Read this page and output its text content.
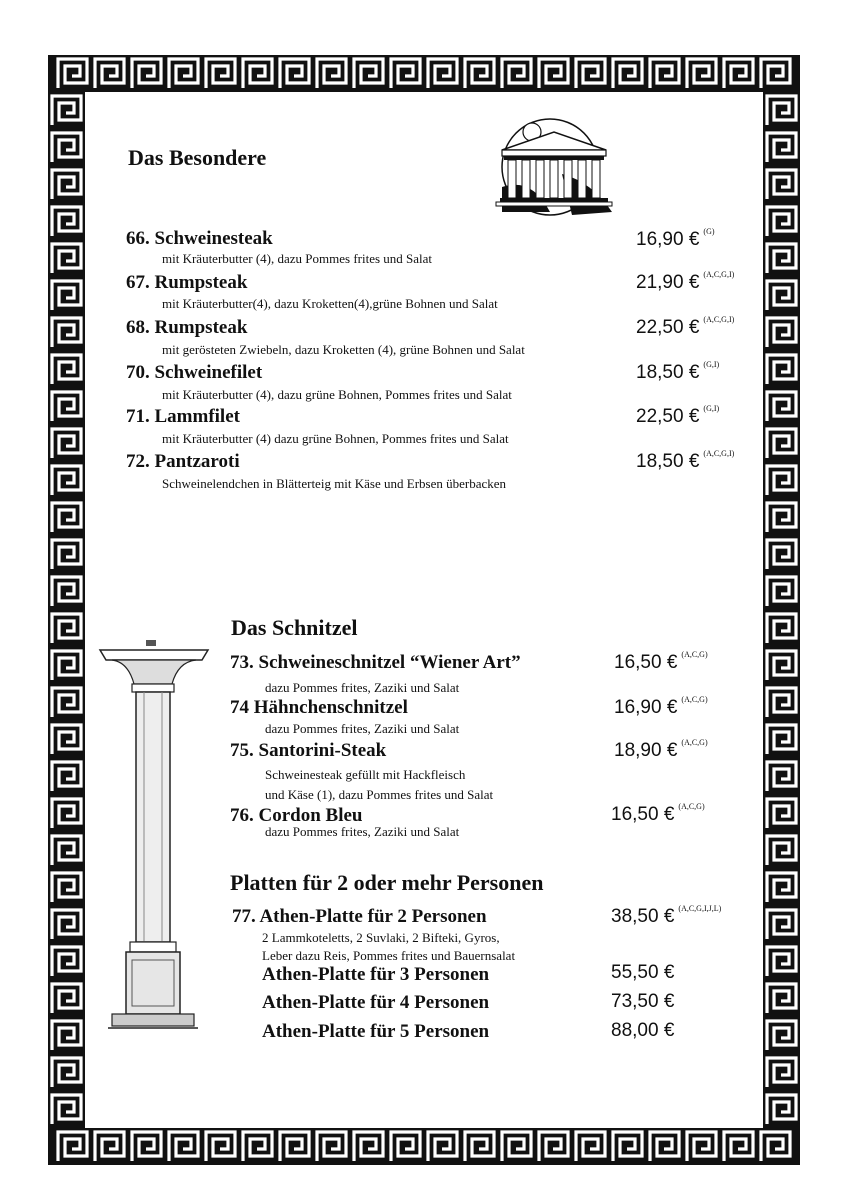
Das Besondere
66. Schweinesteak
mit Kräuterbutter (4), dazu Pommes frites und Salat
16,90 € $^{(G)}$
67. Rumpsteak
mit Kräuterbutter(4), dazu Kroketten(4),grüne Bohnen und Salat
21,90 € $^{(A,C,G,I)}$
68. Rumpsteak
mit gerösteten Zwiebeln, dazu Kroketten (4), grüne Bohnen und Salat
22,50 € $^{(A,C,G,I)}$
70. Schweinefilet
mit Kräuterbutter (4), dazu grüne Bohnen, Pommes frites und Salat
18,50 € $^{(G,I)}$
71. Lammfilet
mit Kräuterbutter (4) dazu grüne Bohnen, Pommes frites und Salat
22,50 € $^{(G,I)}$
72. Pantzaroti
Schweinelendchen in Blätterteig mit Käse und Erbsen überbacken
18,50 € $^{(A,C,G,I)}$
Das Schnitzel
73. Schweineschnitzel “Wiener Art”
dazu Pommes frites, Zaziki und Salat
16,50 € $^{(A,C,G)}$
74 Hähnchenschnitzel
dazu Pommes frites, Zaziki und Salat
16,90 € $^{(A,C,G)}$
75. Santorini-Steak
Schweinesteak gefüllt mit Hackfleisch
und Käse (1), dazu Pommes frites und Salat
18,90 € $^{(A,C,G)}$
76. Cordon Bleu
dazu Pommes frites, Zaziki und Salat
16,50 € $^{(A,C,G)}$
Platten für 2 oder mehr Personen
77. Athen-Platte für 2 Personen
2 Lammkoteletts, 2 Suvlaki, 2 Bifteki, Gyros,
Leber dazu Reis, Pommes frites und Bauernsalat
38,50 € $^{(A,C,G,I,J,L)}$
Athen-Platte für 3 Personen	55,50 €
Athen-Platte für 4 Personen	73,50 €
Athen-Platte für 5 Personen	88,00 €
